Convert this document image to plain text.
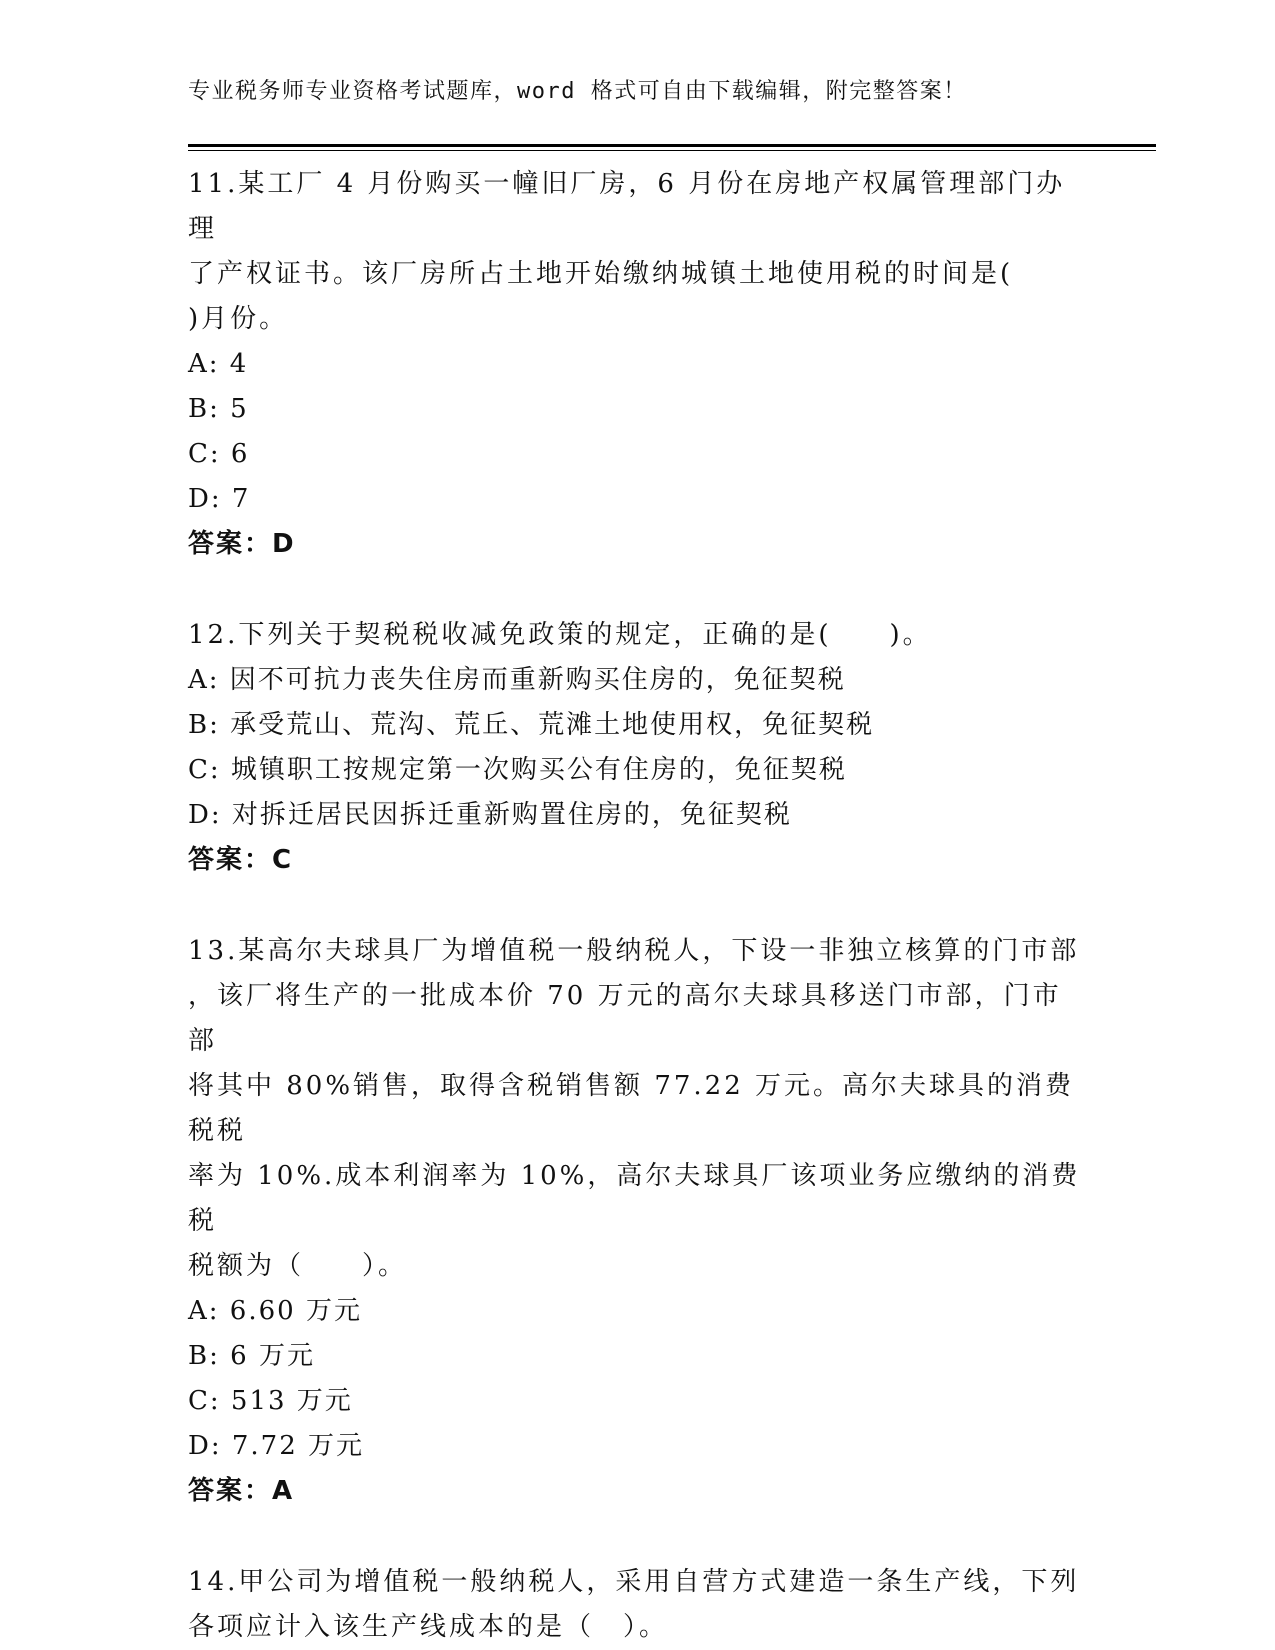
专业税务师专业资格考试题库，word 格式可自由下载编辑，附完整答案！

11.某工厂 4 月份购买一幢旧厂房，6 月份在房地产权属管理部门办理

了产权证书。该厂房所占土地开始缴纳城镇土地使用税的时间是(

)月份。

A: 4

B: 5

C: 6

D: 7

答案：D

12.下列关于契税税收减免政策的规定，正确的是(　　)。

A: 因不可抗力丧失住房而重新购买住房的，免征契税

B: 承受荒山、荒沟、荒丘、荒滩土地使用权，免征契税

C: 城镇职工按规定第一次购买公有住房的，免征契税

D: 对拆迁居民因拆迁重新购置住房的，免征契税

答案：C

13.某高尔夫球具厂为增值税一般纳税人，下设一非独立核算的门市部

，该厂将生产的一批成本价 70 万元的高尔夫球具移送门市部，门市部

将其中 80%销售，取得含税销售额 77.22 万元。高尔夫球具的消费税税

率为 10%.成本利润率为 10%，高尔夫球具厂该项业务应缴纳的消费税

税额为（　　）。

A: 6.60 万元

B: 6 万元

C: 513 万元

D: 7.72 万元

答案：A

14.甲公司为增值税一般纳税人，采用自营方式建造一条生产线，下列

各项应计入该生产线成本的是（　）。
